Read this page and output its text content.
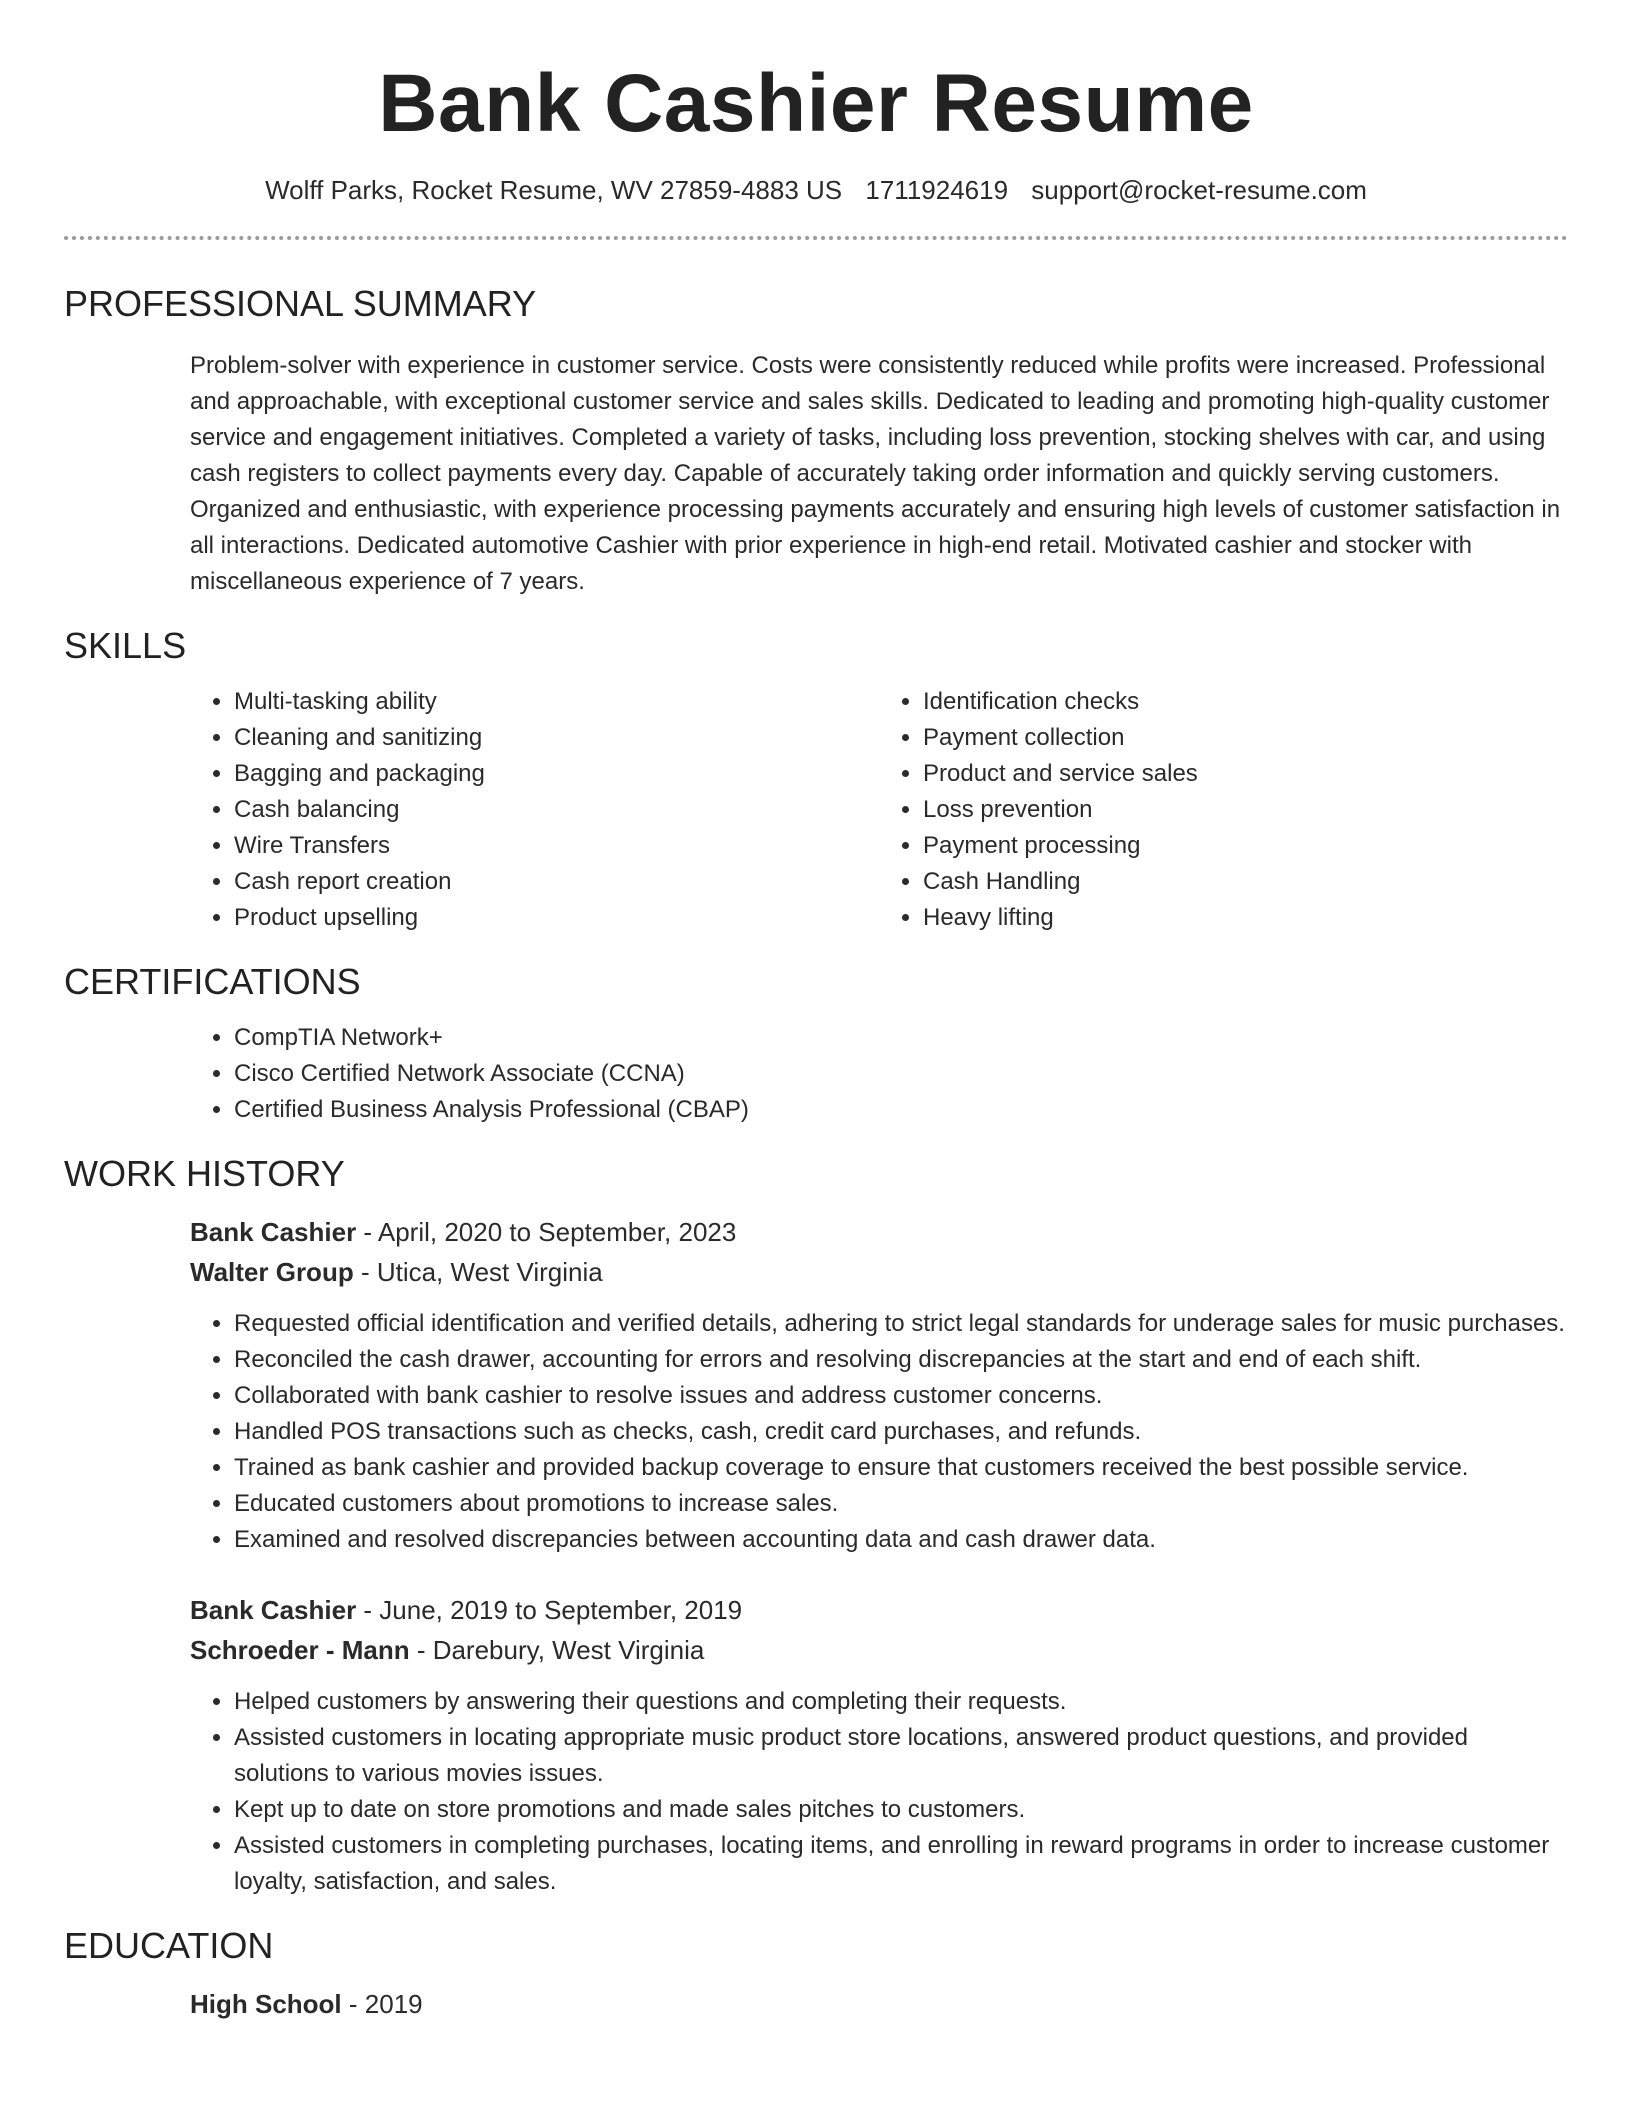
Bank Cashier Resume
Wolff Parks, Rocket Resume, WV 27859-4883 US 1711924619 support@rocket-resume.com
PROFESSIONAL SUMMARY
Problem-solver with experience in customer service. Costs were consistently reduced while profits were increased. Professional and approachable, with exceptional customer service and sales skills. Dedicated to leading and promoting high-quality customer service and engagement initiatives. Completed a variety of tasks, including loss prevention, stocking shelves with car, and using cash registers to collect payments every day. Capable of accurately taking order information and quickly serving customers. Organized and enthusiastic, with experience processing payments accurately and ensuring high levels of customer satisfaction in all interactions. Dedicated automotive Cashier with prior experience in high-end retail. Motivated cashier and stocker with miscellaneous experience of 7 years.
SKILLS
• Multi-tasking ability
• Cleaning and sanitizing
• Bagging and packaging
• Cash balancing
• Wire Transfers
• Cash report creation
• Product upselling
• Identification checks
• Payment collection
• Product and service sales
• Loss prevention
• Payment processing
• Cash Handling
• Heavy lifting
CERTIFICATIONS
• CompTIA Network+
• Cisco Certified Network Associate (CCNA)
• Certified Business Analysis Professional (CBAP)
WORK HISTORY
Bank Cashier - April, 2020 to September, 2023
Walter Group - Utica, West Virginia
• Requested official identification and verified details, adhering to strict legal standards for underage sales for music purchases.
• Reconciled the cash drawer, accounting for errors and resolving discrepancies at the start and end of each shift.
• Collaborated with bank cashier to resolve issues and address customer concerns.
• Handled POS transactions such as checks, cash, credit card purchases, and refunds.
• Trained as bank cashier and provided backup coverage to ensure that customers received the best possible service.
• Educated customers about promotions to increase sales.
• Examined and resolved discrepancies between accounting data and cash drawer data.
Bank Cashier - June, 2019 to September, 2019
Schroeder - Mann - Darebury, West Virginia
• Helped customers by answering their questions and completing their requests.
• Assisted customers in locating appropriate music product store locations, answered product questions, and provided solutions to various movies issues.
• Kept up to date on store promotions and made sales pitches to customers.
• Assisted customers in completing purchases, locating items, and enrolling in reward programs in order to increase customer loyalty, satisfaction, and sales.
EDUCATION
High School - 2019
